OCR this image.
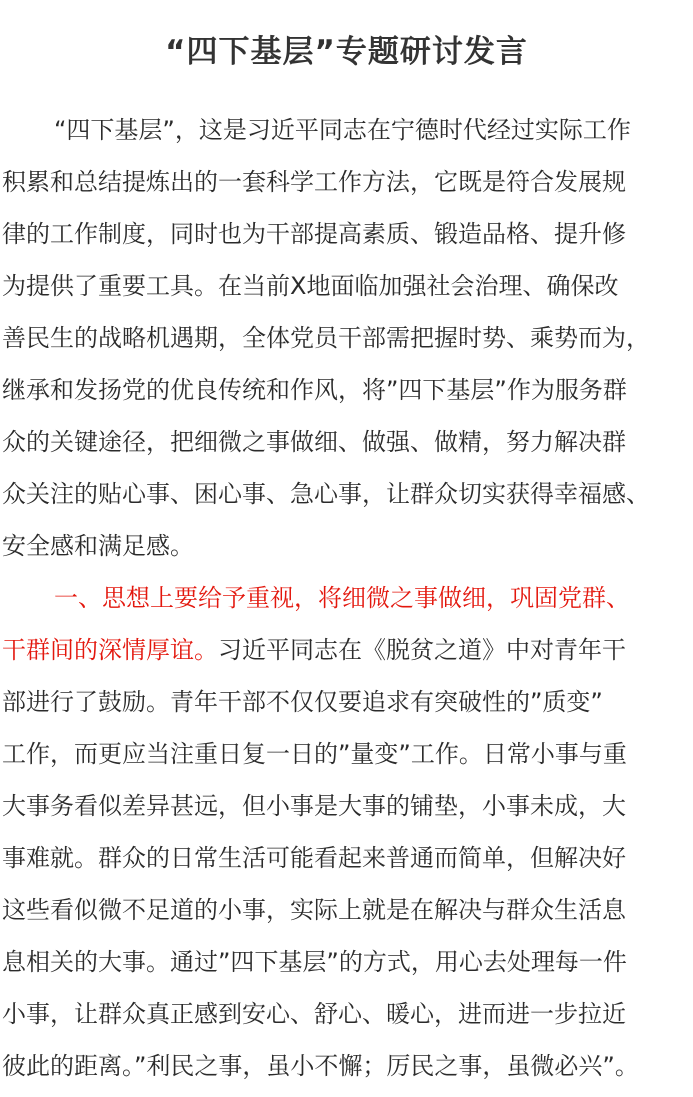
“四下基层”专题研讨发言
“四下基层”，这是习近平同志在宁德时代经过实际工作
积累和总结提炼出的一套科学工作方法，它既是符合发展规
律的工作制度，同时也为干部提高素质、锻造品格、提升修
为提供了重要工具。在当前X地面临加强社会治理、确保改
善民生的战略机遇期，全体党员干部需把握时势、乘势而为，
继承和发扬党的优良传统和作风，将”四下基层”作为服务群
众的关键途径，把细微之事做细、做强、做精，努力解决群
众关注的贴心事、困心事、急心事，让群众切实获得幸福感、
安全感和满足感。
一、思想上要给予重视，将细微之事做细，巩固党群、
干群间的深情厚谊。习近平同志在《脱贫之道》中对青年干
部进行了鼓励。青年干部不仅仅要追求有突破性的”质变”
工作，而更应当注重日复一日的”量变”工作。日常小事与重
大事务看似差异甚远，但小事是大事的铺垫，小事未成，大
事难就。群众的日常生活可能看起来普通而简单，但解决好
这些看似微不足道的小事，实际上就是在解决与群众生活息
息相关的大事。通过”四下基层”的方式，用心去处理每一件
小事，让群众真正感到安心、舒心、暖心，进而进一步拉近
彼此的距离。”利民之事，虽小不懈；厉民之事，虽微必兴”。
